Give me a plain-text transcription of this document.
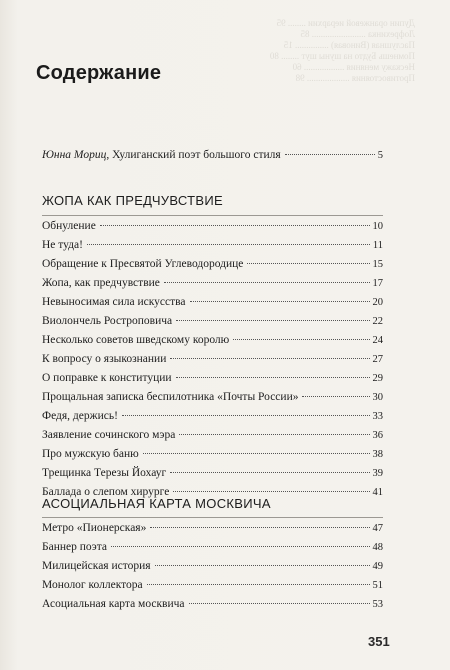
Дупин оранжевой иерархии ........ 95
Лофрехинка ........................ 85
Паслушная (Виновая) ............... 15
Помнешь Будто на шуны шут ........ 80
Нескажу меняния .................. 60
Противостояния ................... 98
Содержание
Юнна Мориц, Хулиганский поэт большого стиля	5
ЖОПА КАК ПРЕДЧУВСТВИЕ
Обнуление	10
Не туда!	11
Обращение к Пресвятой Углеводородице	15
Жопа, как предчувствие	17
Невыносимая сила искусства	20
Виолончель Ростроповича	22
Несколько советов шведскому королю	24
К вопросу о языкознании	27
О поправке к конституции	29
Прощальная записка беспилотника «Почты России»	30
Федя, держись!	33
Заявление сочинского мэра	36
Про мужскую баню	38
Трещинка Терезы Йохауг	39
Баллада о слепом хирурге	41
АСОЦИАЛЬНАЯ КАРТА МОСКВИЧА
Метро «Пионерская»	47
Баннер поэта	48
Милицейская история	49
Монолог коллектора	51
Асоциальная карта москвича	53
351
